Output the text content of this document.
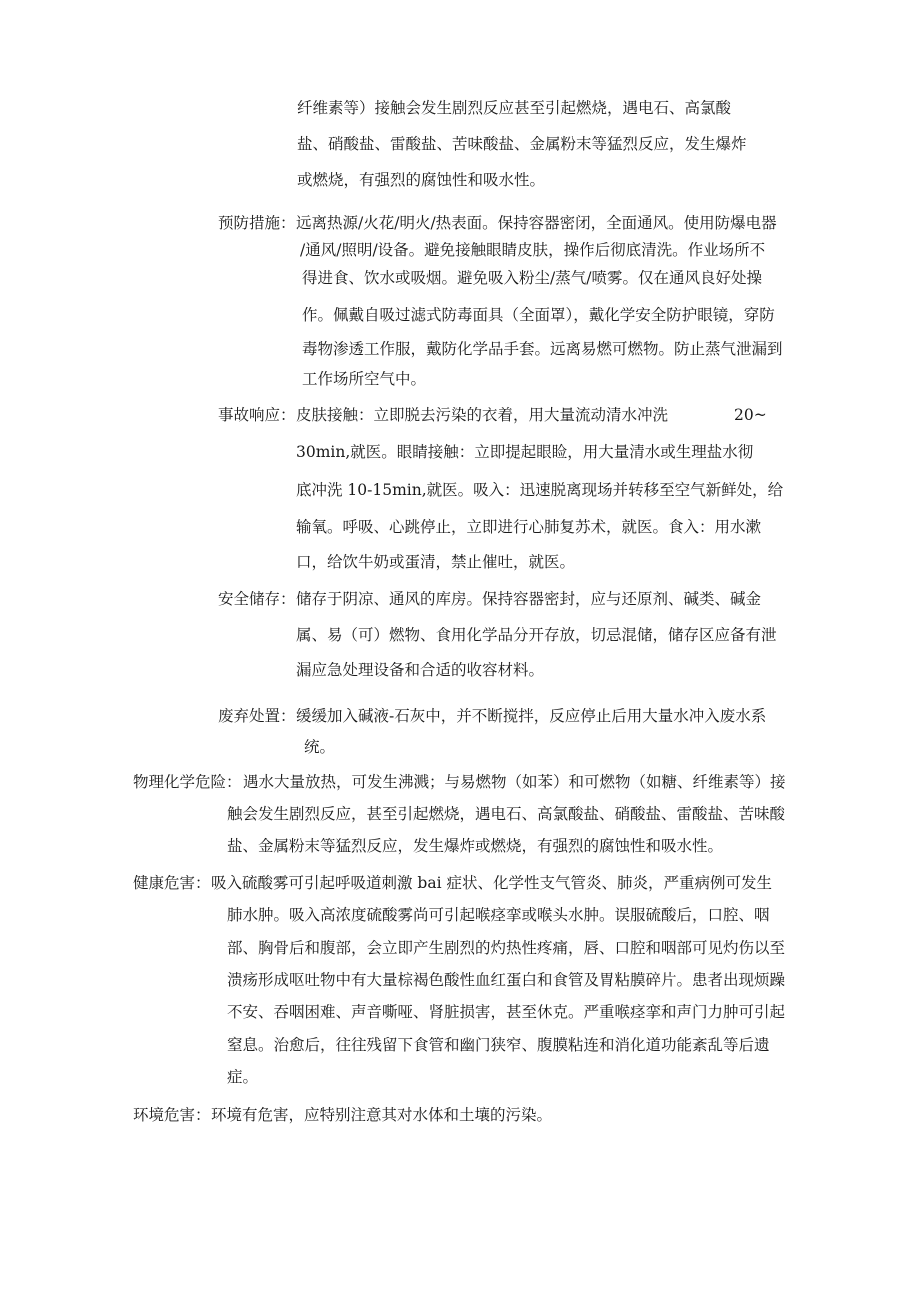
纤维素等）接触会发生剧烈反应甚至引起燃烧，遇电石、高氯酸
盐、硝酸盐、雷酸盐、苦味酸盐、金属粉末等猛烈反应，发生爆炸
或燃烧，有强烈的腐蚀性和吸水性。
预防措施： 远离热源/火花/明火/热表面。保持容器密闭，全面通风。使用防爆电器
/通风/照明/设备。避免接触眼睛皮肤，操作后彻底清洗。作业场所不
得进食、饮水或吸烟。避免吸入粉尘/蒸气/喷雾。仅在通风良好处操
作。佩戴自吸过滤式防毒面具（全面罩），戴化学安全防护眼镜，穿防
毒物渗透工作服，戴防化学品手套。远离易燃可燃物。防止蒸气泄漏到
工作场所空气中。
事故响应： 皮肤接触：立即脱去污染的衣着，用大量流动清水冲洗	20~
30min,就医。眼睛接触：立即提起眼睑，用大量清水或生理盐水彻
底冲洗 10-15min,就医。吸入：迅速脱离现场并转移至空气新鲜处，给
输氧。呼吸、心跳停止，立即进行心肺复苏术，就医。食入：用水漱
口，给饮牛奶或蛋清，禁止催吐，就医。
安全储存： 储存于阴凉、通风的库房。保持容器密封，应与还原剂、碱类、碱金
属、易（可）燃物、食用化学品分开存放，切忌混储，储存区应备有泄
漏应急处理设备和合适的收容材料。
废弃处置： 缓缓加入碱液-石灰中，并不断搅拌，反应停止后用大量水冲入废水系
统。
物理化学危险： 遇水大量放热，可发生沸溅；与易燃物（如苯）和可燃物（如糖、纤维素等）接
触会发生剧烈反应，甚至引起燃烧，遇电石、高氯酸盐、硝酸盐、雷酸盐、苦味酸
盐、金属粉末等猛烈反应，发生爆炸或燃烧，有强烈的腐蚀性和吸水性。
健康危害： 吸入硫酸雾可引起呼吸道刺激 bai 症状、化学性支气管炎、肺炎，严重病例可发生
肺水肿。吸入高浓度硫酸雾尚可引起喉痉挛或喉头水肿。误服硫酸后，口腔、咽
部、胸骨后和腹部，会立即产生剧烈的灼热性疼痛，唇、口腔和咽部可见灼伤以至
溃疡形成呕吐物中有大量棕褐色酸性血红蛋白和食管及胃粘膜碎片。患者出现烦躁
不安、吞咽困难、声音嘶哑、肾脏损害，甚至休克。严重喉痉挛和声门力肿可引起
窒息。治愈后，往往残留下食管和幽门狭窄、腹膜粘连和消化道功能紊乱等后遗
症。
环境危害： 环境有危害，应特别注意其对水体和土壤的污染。
